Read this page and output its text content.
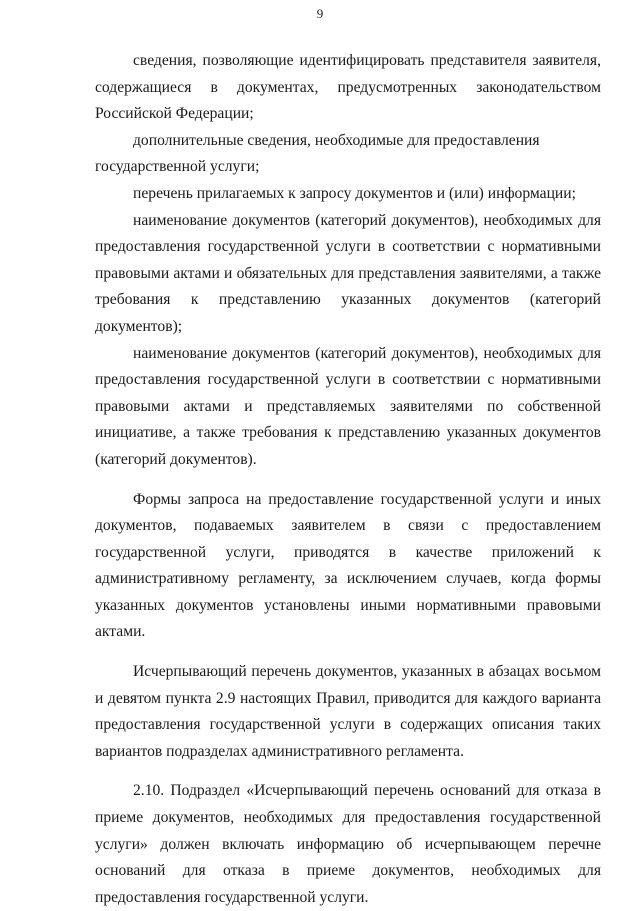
9

сведения, позволяющие идентифицировать представителя заявителя, содержащиеся в документах, предусмотренных законодательством Российской Федерации;

дополнительные сведения, необходимые для предоставления государственной услуги;

перечень прилагаемых к запросу документов и (или) информации;

наименование документов (категорий документов), необходимых для предоставления государственной услуги в соответствии с нормативными правовыми актами и обязательных для представления заявителями, а также требования к представлению указанных документов (категорий документов);

наименование документов (категорий документов), необходимых для предоставления государственной услуги в соответствии с нормативными правовыми актами и представляемых заявителями по собственной инициативе, а также требования к представлению указанных документов (категорий документов).

Формы запроса на предоставление государственной услуги и иных документов, подаваемых заявителем в связи с предоставлением государственной услуги, приводятся в качестве приложений к административному регламенту, за исключением случаев, когда формы указанных документов установлены иными нормативными правовыми актами.

Исчерпывающий перечень документов, указанных в абзацах восьмом и девятом пункта 2.9 настоящих Правил, приводится для каждого варианта предоставления государственной услуги в содержащих описания таких вариантов подразделах административного регламента.

2.10. Подраздел «Исчерпывающий перечень оснований для отказа в приеме документов, необходимых для предоставления государственной услуги» должен включать информацию об исчерпывающем перечне оснований для отказа в приеме документов, необходимых для предоставления государственной услуги.
